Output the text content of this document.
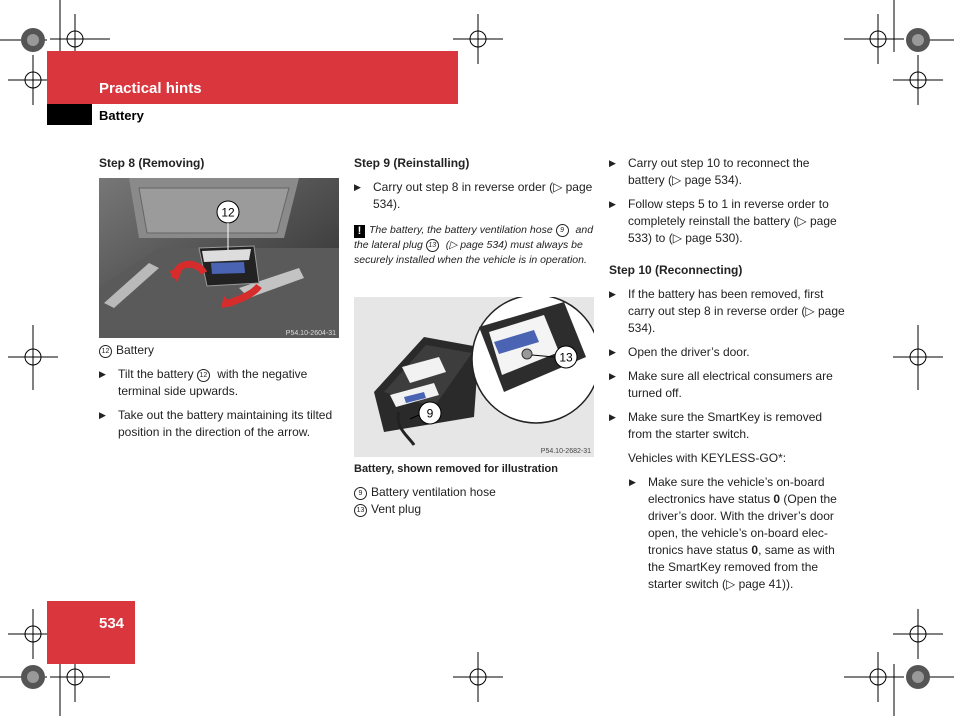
Practical hints
Battery
534

Step 8 (Removing)

12
P54.10-2604-31

12 Battery

▶ Tilt the battery 12 with the negative terminal side upwards.

▶ Take out the battery maintaining its tilted position in the direction of the arrow.

Step 9 (Reinstalling)

▶ Carry out step 8 in reverse order (▷ page 534).

! The battery, the battery ventilation hose 9 and the lateral plug 13 (▷ page 534) must always be securely installed when the vehicle is in operation.

13
9
P54.10-2682-31

Battery, shown removed for illustration

9 Battery ventilation hose

13 Vent plug

▶ Carry out step 10 to reconnect the battery (▷ page 534).

▶ Follow steps 5 to 1 in reverse order to completely reinstall the battery (▷ page 533) to (▷ page 530).

Step 10 (Reconnecting)

▶ If the battery has been removed, first carry out step 8 in reverse order (▷ page 534).

▶ Open the driver’s door.

▶ Make sure all electrical consumers are turned off.

▶ Make sure the SmartKey is removed from the starter switch.

Vehicles with KEYLESS-GO*:

▶ Make sure the vehicle’s on-board electronics have status 0 (Open the driver’s door. With the driver’s door open, the vehicle’s on-board elec-tronics have status 0, same as with the SmartKey removed from the starter switch (▷ page 41)).
